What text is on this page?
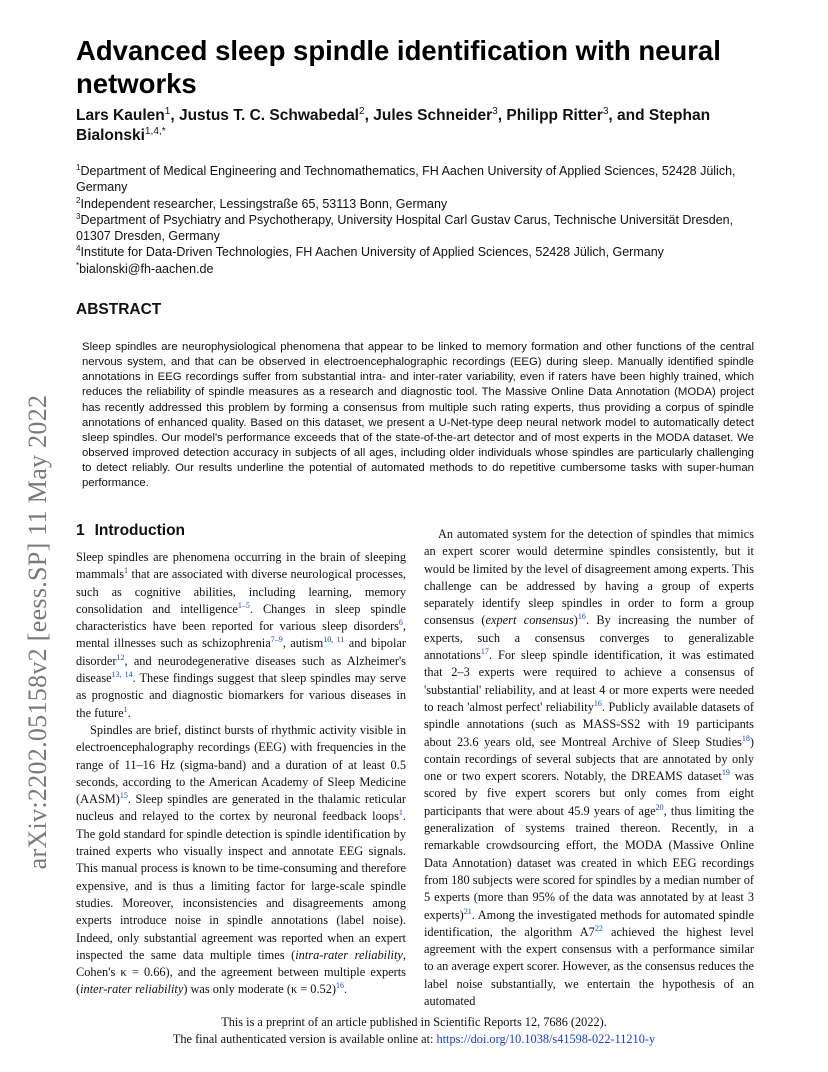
arXiv:2202.05158v2 [eess.SP] 11 May 2022
Advanced sleep spindle identification with neural networks

Lars Kaulen$^1$, Justus T. C. Schwabedal$^2$, Jules Schneider$^3$, Philipp Ritter$^3$, and Stephan Bialonski$^{1,4,*}$

$^1$Department of Medical Engineering and Technomathematics, FH Aachen University of Applied Sciences, 52428 Jülich, Germany

$^2$Independent researcher, Lessingstraße 65, 53113 Bonn, Germany

$^3$Department of Psychiatry and Psychotherapy, University Hospital Carl Gustav Carus, Technische Universität Dresden, 01307 Dresden, Germany

$^4$Institute for Data-Driven Technologies, FH Aachen University of Applied Sciences, 52428 Jülich, Germany

*bialonski@fh-aachen.de

ABSTRACT

Sleep spindles are neurophysiological phenomena that appear to be linked to memory formation and other functions of the central nervous system, and that can be observed in electroencephalographic recordings (EEG) during sleep. Manually identified spindle annotations in EEG recordings suffer from substantial intra- and inter-rater variability, even if raters have been highly trained, which reduces the reliability of spindle measures as a research and diagnostic tool. The Massive Online Data Annotation (MODA) project has recently addressed this problem by forming a consensus from multiple such rating experts, thus providing a corpus of spindle annotations of enhanced quality. Based on this dataset, we present a U-Net-type deep neural network model to automatically detect sleep spindles. Our model's performance exceeds that of the state-of-the-art detector and of most experts in the MODA dataset. We observed improved detection accuracy in subjects of all ages, including older individuals whose spindles are particularly challenging to detect reliably. Our results underline the potential of automated methods to do repetitive cumbersome tasks with super-human performance.

1 Introduction

Sleep spindles are phenomena occurring in the brain of sleeping mammals$^1$ that are associated with diverse neurological processes, such as cognitive abilities, including learning, memory consolidation and intelligence$^{1-5}$. Changes in sleep spindle characteristics have been reported for various sleep disorders$^6$, mental illnesses such as schizophrenia$^{7-9}$, autism$^{10, 11}$ and bipolar disorder$^{12}$, and neurodegenerative diseases such as Alzheimer's disease$^{13, 14}$. These findings suggest that sleep spindles may serve as prognostic and diagnostic biomarkers for various diseases in the future$^1$.

Spindles are brief, distinct bursts of rhythmic activity visible in electroencephalography recordings (EEG) with frequencies in the range of 11–16 Hz (sigma-band) and a duration of at least 0.5 seconds, according to the American Academy of Sleep Medicine (AASM)$^{15}$. Sleep spindles are generated in the thalamic reticular nucleus and relayed to the cortex by neuronal feedback loops$^1$. The gold standard for spindle detection is spindle identification by trained experts who visually inspect and annotate EEG signals. This manual process is known to be time-consuming and therefore expensive, and is thus a limiting factor for large-scale spindle studies. Moreover, inconsistencies and disagreements among experts introduce noise in spindle annotations (label noise). Indeed, only substantial agreement was reported when an expert inspected the same data multiple times (intra-rater reliability, Cohen's κ = 0.66), and the agreement between multiple experts (inter-rater reliability) was only moderate (κ = 0.52)$^{16}$.

An automated system for the detection of spindles that mimics an expert scorer would determine spindles consistently, but it would be limited by the level of disagreement among experts. This challenge can be addressed by having a group of experts separately identify sleep spindles in order to form a group consensus (expert consensus)$^{16}$. By increasing the number of experts, such a consensus converges to generalizable annotations$^{17}$. For sleep spindle identification, it was estimated that 2–3 experts were required to achieve a consensus of 'substantial' reliability, and at least 4 or more experts were needed to reach 'almost perfect' reliability$^{16}$. Publicly available datasets of spindle annotations (such as MASS-SS2 with 19 participants about 23.6 years old, see Montreal Archive of Sleep Studies$^{18}$) contain recordings of several subjects that are annotated by only one or two expert scorers. Notably, the DREAMS dataset$^{19}$ was scored by five expert scorers but only comes from eight participants that were about 45.9 years of age$^{20}$, thus limiting the generalization of systems trained thereon. Recently, in a remarkable crowdsourcing effort, the MODA (Massive Online Data Annotation) dataset was created in which EEG recordings from 180 subjects were scored for spindles by a median number of 5 experts (more than 95% of the data was annotated by at least 3 experts)$^{21}$. Among the investigated methods for automated spindle identification, the algorithm A7$^{22}$ achieved the highest level agreement with the expert consensus with a performance similar to an average expert scorer. However, as the consensus reduces the label noise substantially, we entertain the hypothesis of an automated

This is a preprint of an article published in Scientific Reports 12, 7686 (2022).
The final authenticated version is available online at: https://doi.org/10.1038/s41598-022-11210-y
